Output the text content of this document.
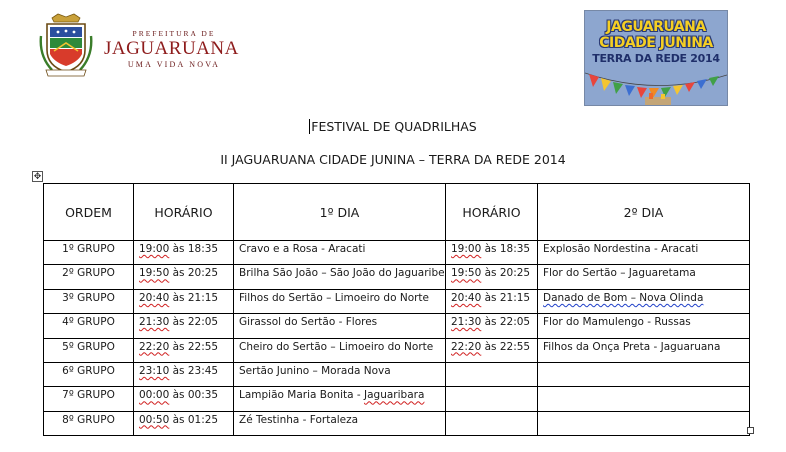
PREFEITURA DE
JAGUARUANA
UMA VIDA NOVA
JAGUARUANA
CIDADE JUNINA
TERRA DA REDE 2014
FESTIVAL DE QUADRILHAS
II JAGUARUANA CIDADE JUNINA – TERRA DA REDE 2014
✥
ORDEM	HORÁRIO	1º DIA	HORÁRIO	2º DIA
1º GRUPO	19:00 às 18:35	Cravo e a Rosa - Aracati	19:00 às 18:35	Explosão Nordestina - Aracati
2º GRUPO	19:50 às 20:25	Brilha São João – São João do Jaguaribe	19:50 às 20:25	Flor do Sertão – Jaguaretama
3º GRUPO	20:40 às 21:15	Filhos do Sertão – Limoeiro do Norte	20:40 às 21:15	Danado de Bom – Nova Olinda
4º GRUPO	21:30 às 22:05	Girassol do Sertão - Flores	21:30 às 22:05	Flor do Mamulengo - Russas
5º GRUPO	22:20 às 22:55	Cheiro do Sertão – Limoeiro do Norte	22:20 às 22:55	Filhos da Onça Preta - Jaguaruana
6º GRUPO	23:10 às 23:45	Sertão Junino – Morada Nova		
7º GRUPO	00:00 às 00:35	Lampião Maria Bonita - Jaguaribara		
8º GRUPO	00:50 às 01:25	Zé Testinha - Fortaleza		
